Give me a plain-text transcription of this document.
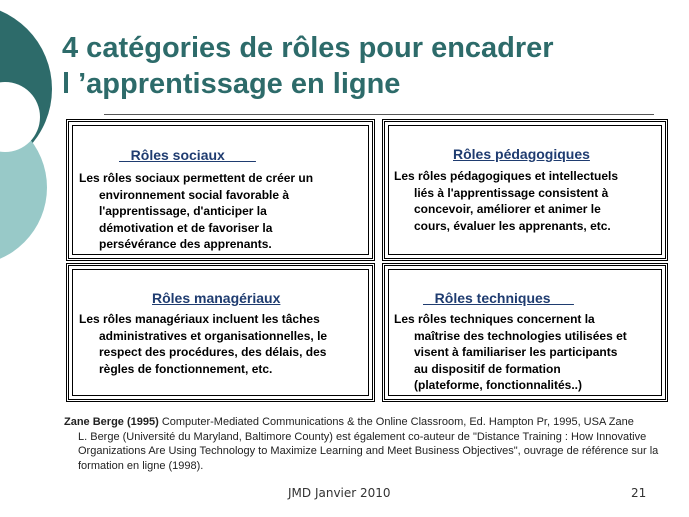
4 catégories de rôles pour encadrer
l ’apprentissage en ligne
Rôles sociaux

Les rôles sociaux permettent de créer un
environnement social favorable à
l'apprentissage, d'anticiper la
démotivation et de favoriser la
persévérance des apprenants.

Rôles pédagogiques

Les rôles pédagogiques et intellectuels
liés à l'apprentissage consistent à
concevoir, améliorer et animer le
cours, évaluer les apprenants, etc.

Rôles managériaux

Les rôles managériaux incluent les tâches
administratives et organisationnelles, le
respect des procédures, des délais, des
règles de fonctionnement, etc.

Rôles techniques

Les rôles techniques concernent la
maîtrise des technologies utilisées et
visent à familiariser les participants
au dispositif de formation
(plateforme, fonctionnalités..)

Zane Berge (1995) Computer-Mediated Communications & the Online Classroom, Ed. Hampton Pr, 1995, USA Zane
L. Berge (Université du Maryland, Baltimore County) est également co-auteur de "Distance Training : How Innovative Organizations Are Using Technology to Maximize Learning and Meet Business Objectives", ouvrage de référence sur la formation en ligne (1998).
JMD Janvier 2010	21
